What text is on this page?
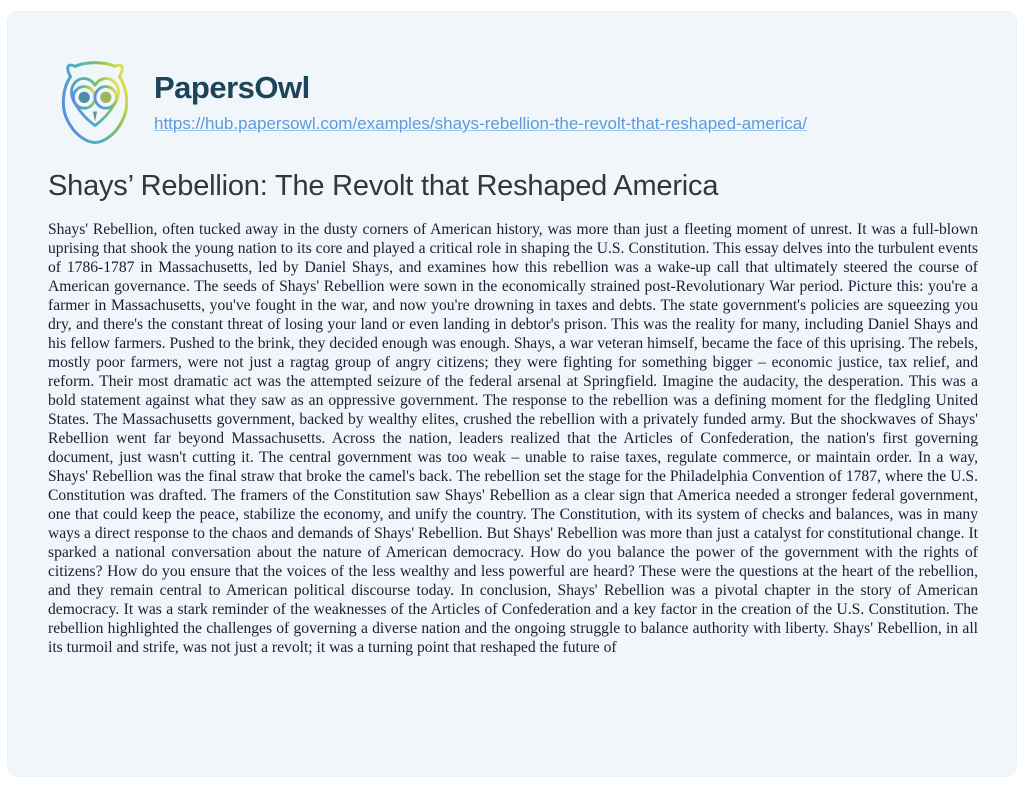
PapersOwl
https://hub.papersowl.com/examples/shays-rebellion-the-revolt-that-reshaped-america/
Shays’ Rebellion: The Revolt that Reshaped America
Shays' Rebellion, often tucked away in the dusty corners of American history, was more than just a fleeting moment of unrest. It was a full-blown uprising that shook the young nation to its core and played a critical role in shaping the U.S. Constitution. This essay delves into the turbulent events of 1786-1787 in Massachusetts, led by Daniel Shays, and examines how this rebellion was a wake-up call that ultimately steered the course of American governance. The seeds of Shays' Rebellion were sown in the economically strained post-Revolutionary War period. Picture this: you're a farmer in Massachusetts, you've fought in the war, and now you're drowning in taxes and debts. The state government's policies are squeezing you dry, and there's the constant threat of losing your land or even landing in debtor's prison. This was the reality for many, including Daniel Shays and his fellow farmers. Pushed to the brink, they decided enough was enough. Shays, a war veteran himself, became the face of this uprising. The rebels, mostly poor farmers, were not just a ragtag group of angry citizens; they were fighting for something bigger – economic justice, tax relief, and reform. Their most dramatic act was the attempted seizure of the federal arsenal at Springfield. Imagine the audacity, the desperation. This was a bold statement against what they saw as an oppressive government. The response to the rebellion was a defining moment for the fledgling United States. The Massachusetts government, backed by wealthy elites, crushed the rebellion with a privately funded army. But the shockwaves of Shays' Rebellion went far beyond Massachusetts. Across the nation, leaders realized that the Articles of Confederation, the nation's first governing document, just wasn't cutting it. The central government was too weak – unable to raise taxes, regulate commerce, or maintain order. In a way, Shays' Rebellion was the final straw that broke the camel's back. The rebellion set the stage for the Philadelphia Convention of 1787, where the U.S. Constitution was drafted. The framers of the Constitution saw Shays' Rebellion as a clear sign that America needed a stronger federal government, one that could keep the peace, stabilize the economy, and unify the country. The Constitution, with its system of checks and balances, was in many ways a direct response to the chaos and demands of Shays' Rebellion. But Shays' Rebellion was more than just a catalyst for constitutional change. It sparked a national conversation about the nature of American democracy. How do you balance the power of the government with the rights of citizens? How do you ensure that the voices of the less wealthy and less powerful are heard? These were the questions at the heart of the rebellion, and they remain central to American political discourse today. In conclusion, Shays' Rebellion was a pivotal chapter in the story of American democracy. It was a stark reminder of the weaknesses of the Articles of Confederation and a key factor in the creation of the U.S. Constitution. The rebellion highlighted the challenges of governing a diverse nation and the ongoing struggle to balance authority with liberty. Shays' Rebellion, in all its turmoil and strife, was not just a revolt; it was a turning point that reshaped the future of
